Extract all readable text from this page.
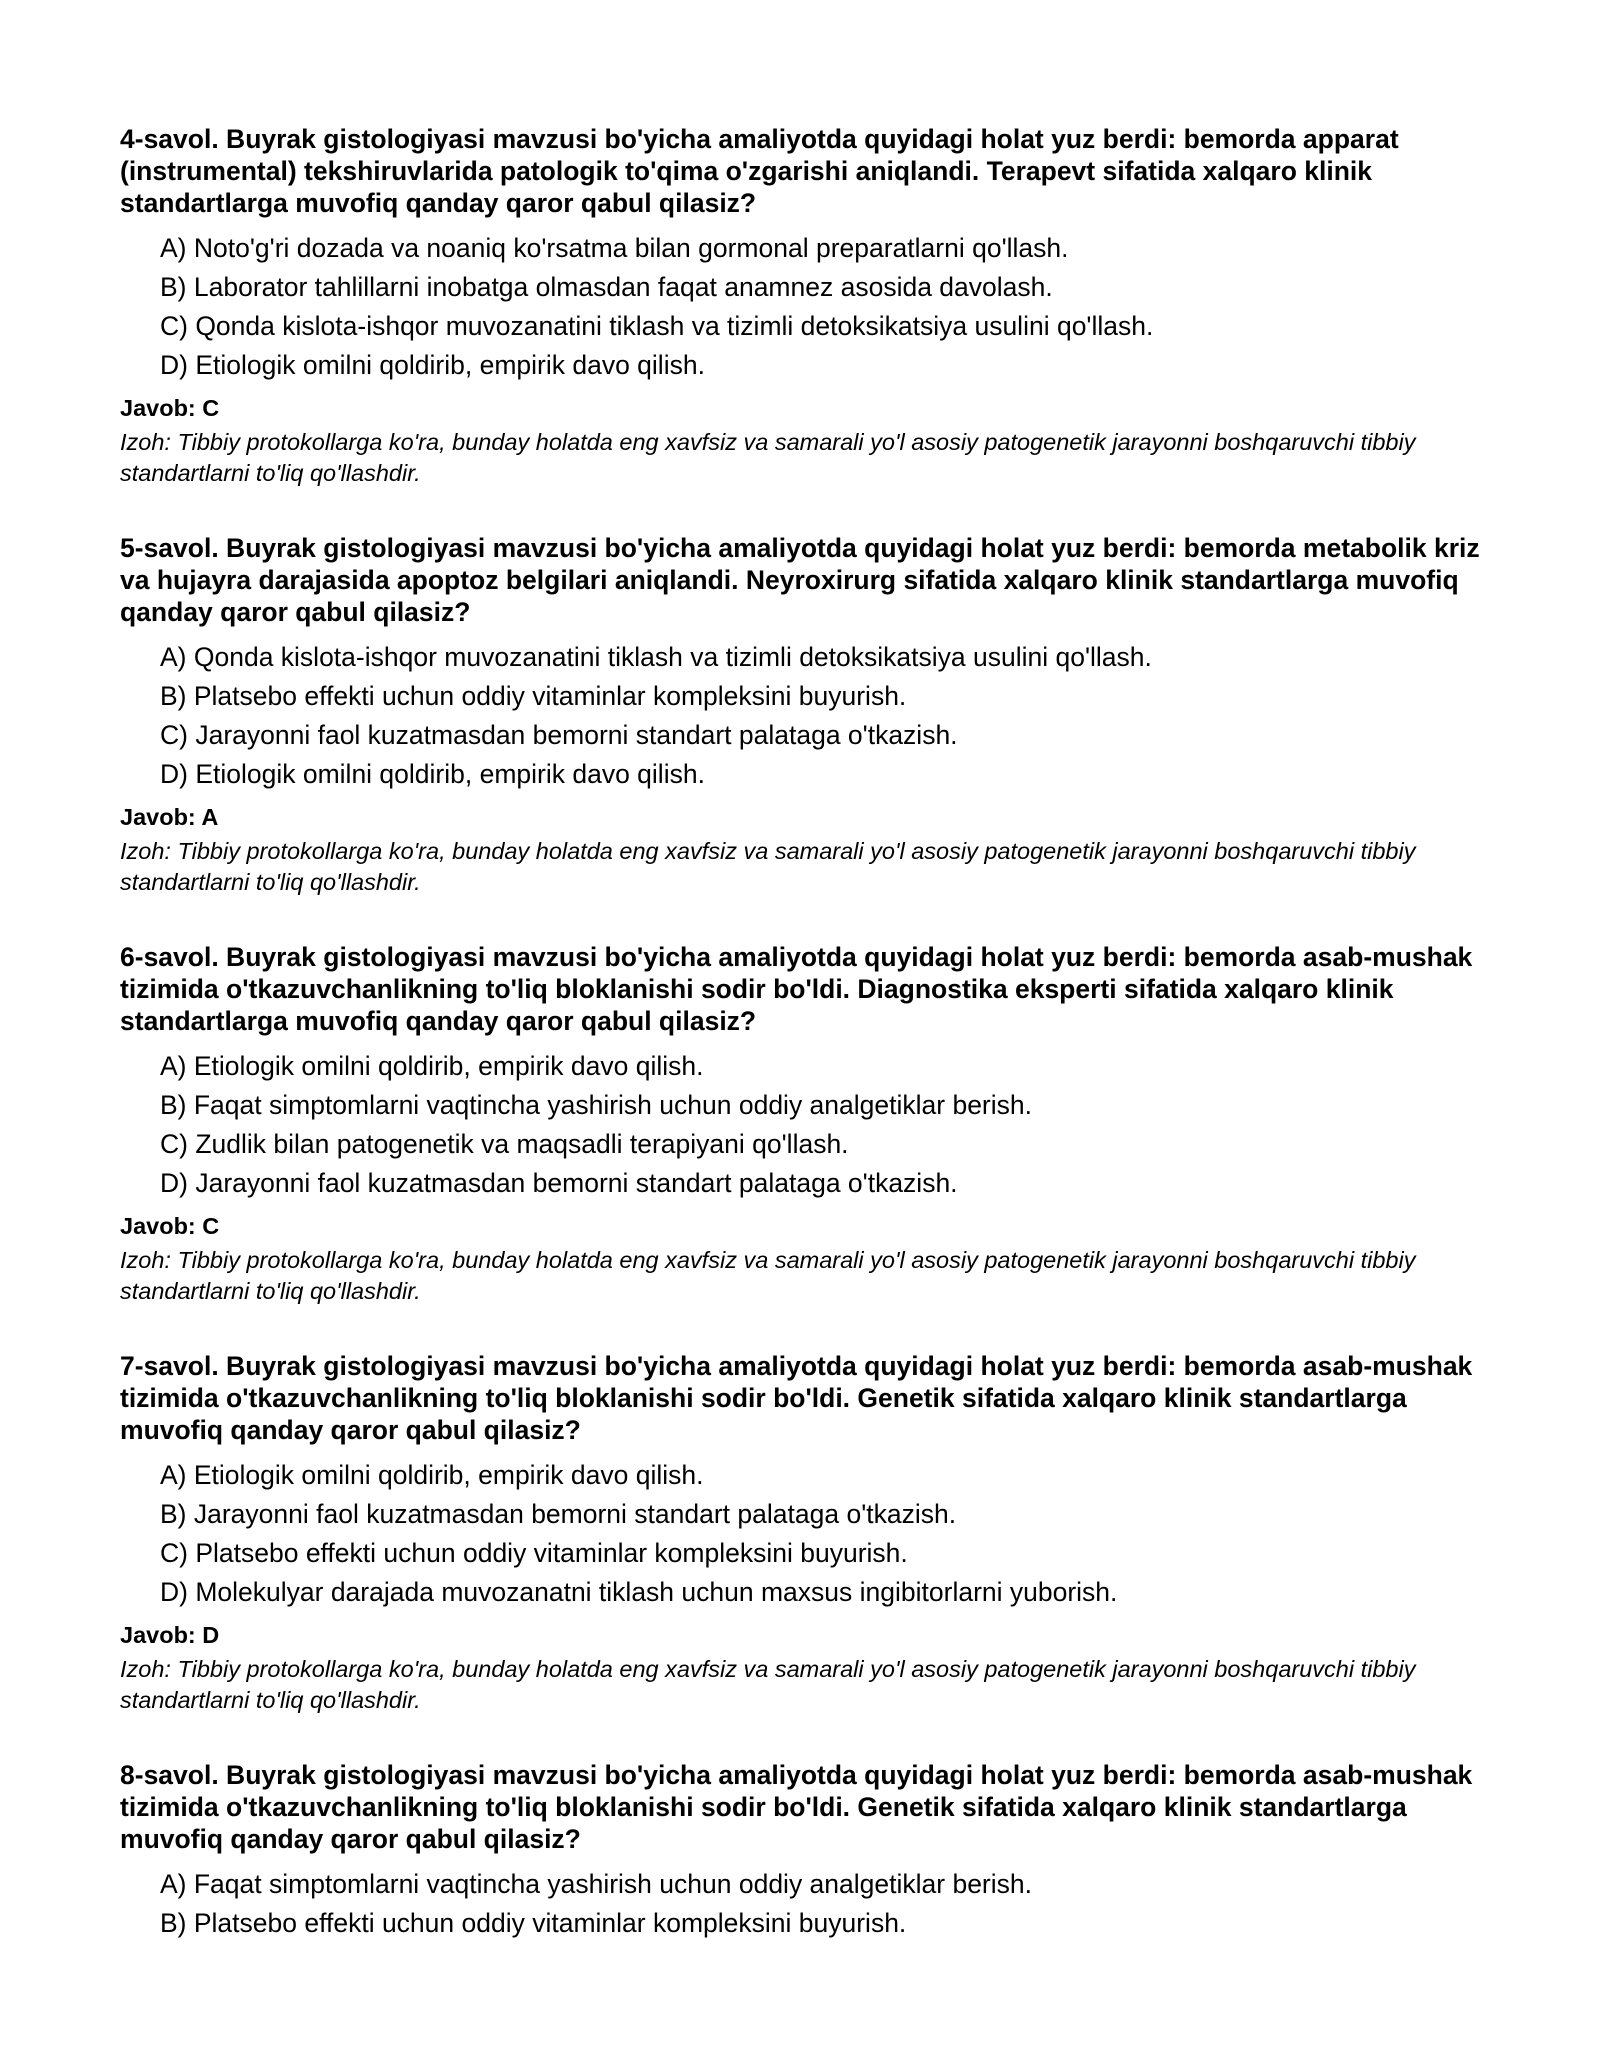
4-savol. Buyrak gistologiyasi mavzusi bo'yicha amaliyotda quyidagi holat yuz berdi: bemorda apparat (instrumental) tekshiruvlarida patologik to'qima o'zgarishi aniqlandi. Terapevt sifatida xalqaro klinik standartlarga muvofiq qanday qaror qabul qilasiz?

A) Noto'g'ri dozada va noaniq ko'rsatma bilan gormonal preparatlarni qo'llash.
B) Laborator tahlillarni inobatga olmasdan faqat anamnez asosida davolash.
C) Qonda kislota-ishqor muvozanatini tiklash va tizimli detoksikatsiya usulini qo'llash.
D) Etiologik omilni qoldirib, empirik davo qilish.

Javob: C

Izoh: Tibbiy protokollarga ko'ra, bunday holatda eng xavfsiz va samarali yo'l asosiy patogenetik jarayonni boshqaruvchi tibbiy standartlarni to'liq qo'llashdir.

5-savol. Buyrak gistologiyasi mavzusi bo'yicha amaliyotda quyidagi holat yuz berdi: bemorda metabolik kriz va hujayra darajasida apoptoz belgilari aniqlandi. Neyroxirurg sifatida xalqaro klinik standartlarga muvofiq qanday qaror qabul qilasiz?

A) Qonda kislota-ishqor muvozanatini tiklash va tizimli detoksikatsiya usulini qo'llash.
B) Platsebo effekti uchun oddiy vitaminlar kompleksini buyurish.
C) Jarayonni faol kuzatmasdan bemorni standart palataga o'tkazish.
D) Etiologik omilni qoldirib, empirik davo qilish.

Javob: A

Izoh: Tibbiy protokollarga ko'ra, bunday holatda eng xavfsiz va samarali yo'l asosiy patogenetik jarayonni boshqaruvchi tibbiy standartlarni to'liq qo'llashdir.

6-savol. Buyrak gistologiyasi mavzusi bo'yicha amaliyotda quyidagi holat yuz berdi: bemorda asab-mushak tizimida o'tkazuvchanlikning to'liq bloklanishi sodir bo'ldi. Diagnostika eksperti sifatida xalqaro klinik standartlarga muvofiq qanday qaror qabul qilasiz?

A) Etiologik omilni qoldirib, empirik davo qilish.
B) Faqat simptomlarni vaqtincha yashirish uchun oddiy analgetiklar berish.
C) Zudlik bilan patogenetik va maqsadli terapiyani qo'llash.
D) Jarayonni faol kuzatmasdan bemorni standart palataga o'tkazish.

Javob: C

Izoh: Tibbiy protokollarga ko'ra, bunday holatda eng xavfsiz va samarali yo'l asosiy patogenetik jarayonni boshqaruvchi tibbiy standartlarni to'liq qo'llashdir.

7-savol. Buyrak gistologiyasi mavzusi bo'yicha amaliyotda quyidagi holat yuz berdi: bemorda asab-mushak tizimida o'tkazuvchanlikning to'liq bloklanishi sodir bo'ldi. Genetik sifatida xalqaro klinik standartlarga muvofiq qanday qaror qabul qilasiz?

A) Etiologik omilni qoldirib, empirik davo qilish.
B) Jarayonni faol kuzatmasdan bemorni standart palataga o'tkazish.
C) Platsebo effekti uchun oddiy vitaminlar kompleksini buyurish.
D) Molekulyar darajada muvozanatni tiklash uchun maxsus ingibitorlarni yuborish.

Javob: D

Izoh: Tibbiy protokollarga ko'ra, bunday holatda eng xavfsiz va samarali yo'l asosiy patogenetik jarayonni boshqaruvchi tibbiy standartlarni to'liq qo'llashdir.

8-savol. Buyrak gistologiyasi mavzusi bo'yicha amaliyotda quyidagi holat yuz berdi: bemorda asab-mushak tizimida o'tkazuvchanlikning to'liq bloklanishi sodir bo'ldi. Genetik sifatida xalqaro klinik standartlarga muvofiq qanday qaror qabul qilasiz?

A) Faqat simptomlarni vaqtincha yashirish uchun oddiy analgetiklar berish.
B) Platsebo effekti uchun oddiy vitaminlar kompleksini buyurish.
